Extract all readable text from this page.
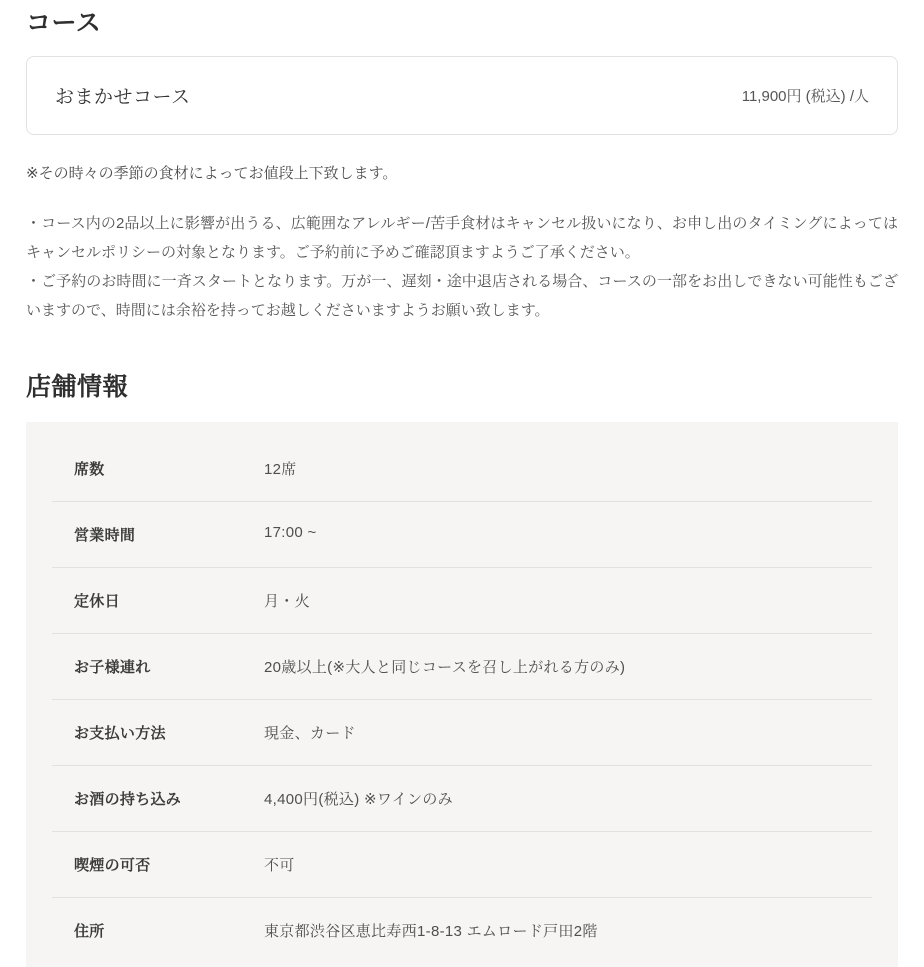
コース
おまかせコース	11,900円 (税込) /人

※その時々の季節の食材によってお値段上下致します。

・コース内の2品以上に影響が出うる、広範囲なアレルギー/苦手食材はキャンセル扱いになり、お申し出のタイミングによってはキャンセルポリシーの対象となります。ご予約前に予めご確認頂ますようご了承ください。

・ご予約のお時間に一斉スタートとなります。万が一、遅刻・途中退店される場合、コースの一部をお出しできない可能性もございますので、時間には余裕を持ってお越しくださいますようお願い致します。

店舗情報
席数	12席
営業時間	17:00 ~
定休日	月・火
お子様連れ	20歳以上(※大人と同じコースを召し上がれる方のみ)
お支払い方法	現金、カード
お酒の持ち込み	4,400円(税込) ※ワインのみ
喫煙の可否	不可
住所	東京都渋谷区恵比寿西1-8-13 エムロード戸田2階
